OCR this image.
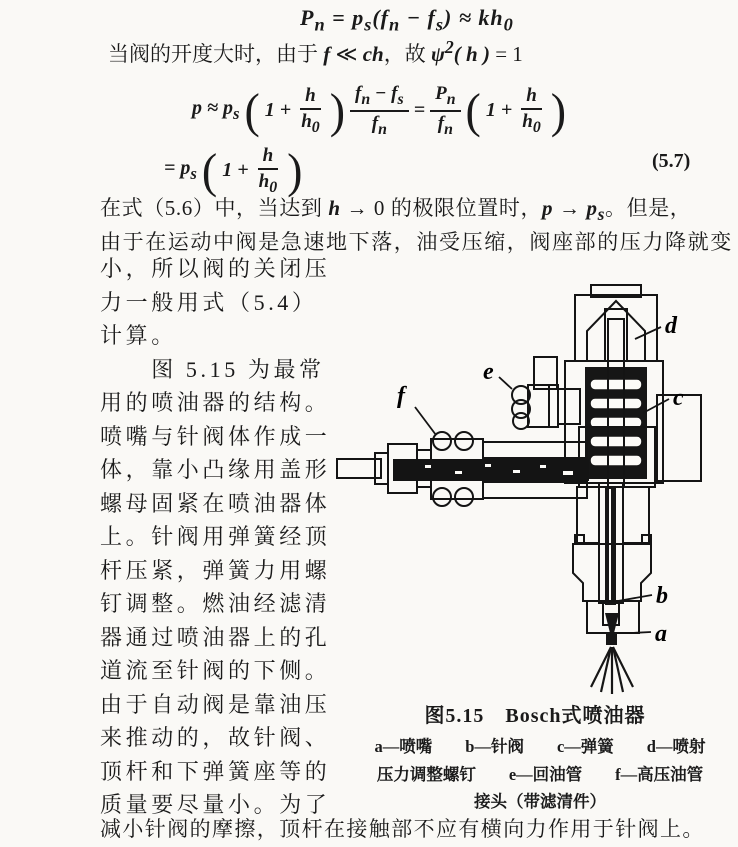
$P_n = p_s(f_n - f_s) \approx kh_0$
当阀的开度大时，由于 f ≪ ch，故 $\psi^2$( h ) = 1
$p \approx p_s$ ( $1 + \frac{h}{h_0}$ ) $\frac{f_n - f_s}{f_n} = \frac{P_n}{f_n}$ ( $1 + \frac{h}{h_0}$ )
= $p_s$ ( $1 + \frac{h}{h_0}$ )	(5.7)
在式（5.6）中，当达到 h → 0 的极限位置时，$p \to p_s$。但是，
由于在运动中阀是急速地下落，油受压缩，阀座部的压力降就变
小，所以阀的关闭压
力一般用式（5.4）
计算。
　　图 5.15 为最常
用的喷油器的结构。
喷嘴与针阀体作成一
体，靠小凸缘用盖形
螺母固紧在喷油器体
上。针阀用弹簧经顶
杆压紧，弹簧力用螺
钉调整。燃油经滤清
器通过喷油器上的孔
道流至针阀的下侧。
由于自动阀是靠油压
来推动的，故针阀、
顶杆和下弹簧座等的
质量要尽量小。为了
d
c
e
f
b
a
图5.15　Bosch式喷油器
a—喷嘴　　b—针阀　　c—弹簧　　d—喷射
压力调整螺钉　　e—回油管　　f—高压油管
接头（带滤清件）
减小针阀的摩擦，顶杆在接触部不应有横向力作用于针阀上。
